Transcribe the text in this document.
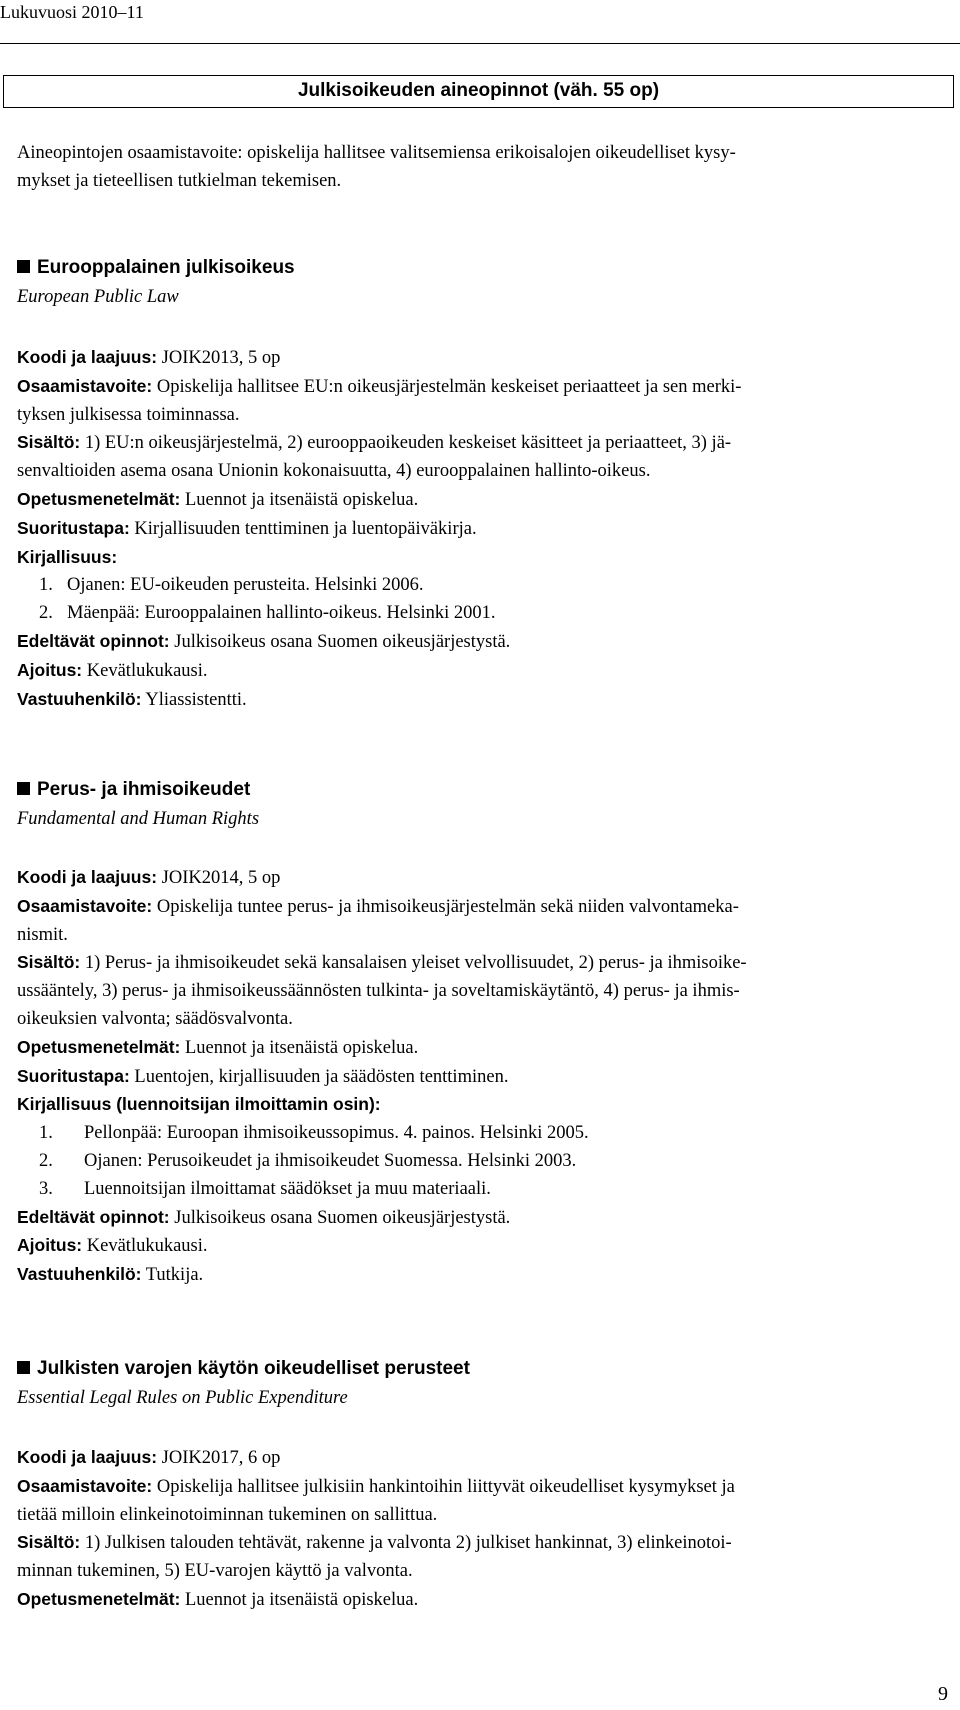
Lukuvuosi 2010–11
Julkisoikeuden aineopinnot (väh. 55 op)
Aineopintojen osaamistavoite: opiskelija hallitsee valitsemiensa erikoisalojen oikeudelliset kysy-
mykset ja tieteellisen tutkielman tekemisen.
Eurooppalainen julkisoikeus
European Public Law
Koodi ja laajuus: JOIK2013, 5 op
Osaamistavoite: Opiskelija hallitsee EU:n oikeusjärjestelmän keskeiset periaatteet ja sen merki-
tyksen julkisessa toiminnassa.
Sisältö: 1) EU:n oikeusjärjestelmä, 2) eurooppaoikeuden keskeiset käsitteet ja periaatteet, 3) jä-
senvaltioiden asema osana Unionin kokonaisuutta, 4) eurooppalainen hallinto-oikeus.
Opetusmenetelmät: Luennot ja itsenäistä opiskelua.
Suoritustapa: Kirjallisuuden tenttiminen ja luentopäiväkirja.
Kirjallisuus:
1. Ojanen: EU-oikeuden perusteita. Helsinki 2006.
2. Mäenpää: Eurooppalainen hallinto-oikeus. Helsinki 2001.
Edeltävät opinnot: Julkisoikeus osana Suomen oikeusjärjestystä.
Ajoitus: Kevätlukukausi.
Vastuuhenkilö: Yliassistentti.
Perus- ja ihmisoikeudet
Fundamental and Human Rights
Koodi ja laajuus: JOIK2014, 5 op
Osaamistavoite: Opiskelija tuntee perus- ja ihmisoikeusjärjestelmän sekä niiden valvontameka-
nismit.
Sisältö: 1) Perus- ja ihmisoikeudet sekä kansalaisen yleiset velvollisuudet, 2) perus- ja ihmisoike-
ussääntely, 3) perus- ja ihmisoikeussäännösten tulkinta- ja soveltamiskäytäntö, 4) perus- ja ihmis-
oikeuksien valvonta; säädösvalvonta.
Opetusmenetelmät: Luennot ja itsenäistä opiskelua.
Suoritustapa: Luentojen, kirjallisuuden ja säädösten tenttiminen.
Kirjallisuus (luennoitsijan ilmoittamin osin):
1. Pellonpää: Euroopan ihmisoikeussopimus. 4. painos. Helsinki 2005.
2. Ojanen: Perusoikeudet ja ihmisoikeudet Suomessa. Helsinki 2003.
3. Luennoitsijan ilmoittamat säädökset ja muu materiaali.
Edeltävät opinnot: Julkisoikeus osana Suomen oikeusjärjestystä.
Ajoitus: Kevätlukukausi.
Vastuuhenkilö: Tutkija.
Julkisten varojen käytön oikeudelliset perusteet
Essential Legal Rules on Public Expenditure
Koodi ja laajuus: JOIK2017, 6 op
Osaamistavoite: Opiskelija hallitsee julkisiin hankintoihin liittyvät oikeudelliset kysymykset ja
tietää milloin elinkeinotoiminnan tukeminen on sallittua.
Sisältö: 1) Julkisen talouden tehtävät, rakenne ja valvonta 2) julkiset hankinnat, 3) elinkeinotoi-
minnan tukeminen, 5) EU-varojen käyttö ja valvonta.
Opetusmenetelmät: Luennot ja itsenäistä opiskelua.
9
